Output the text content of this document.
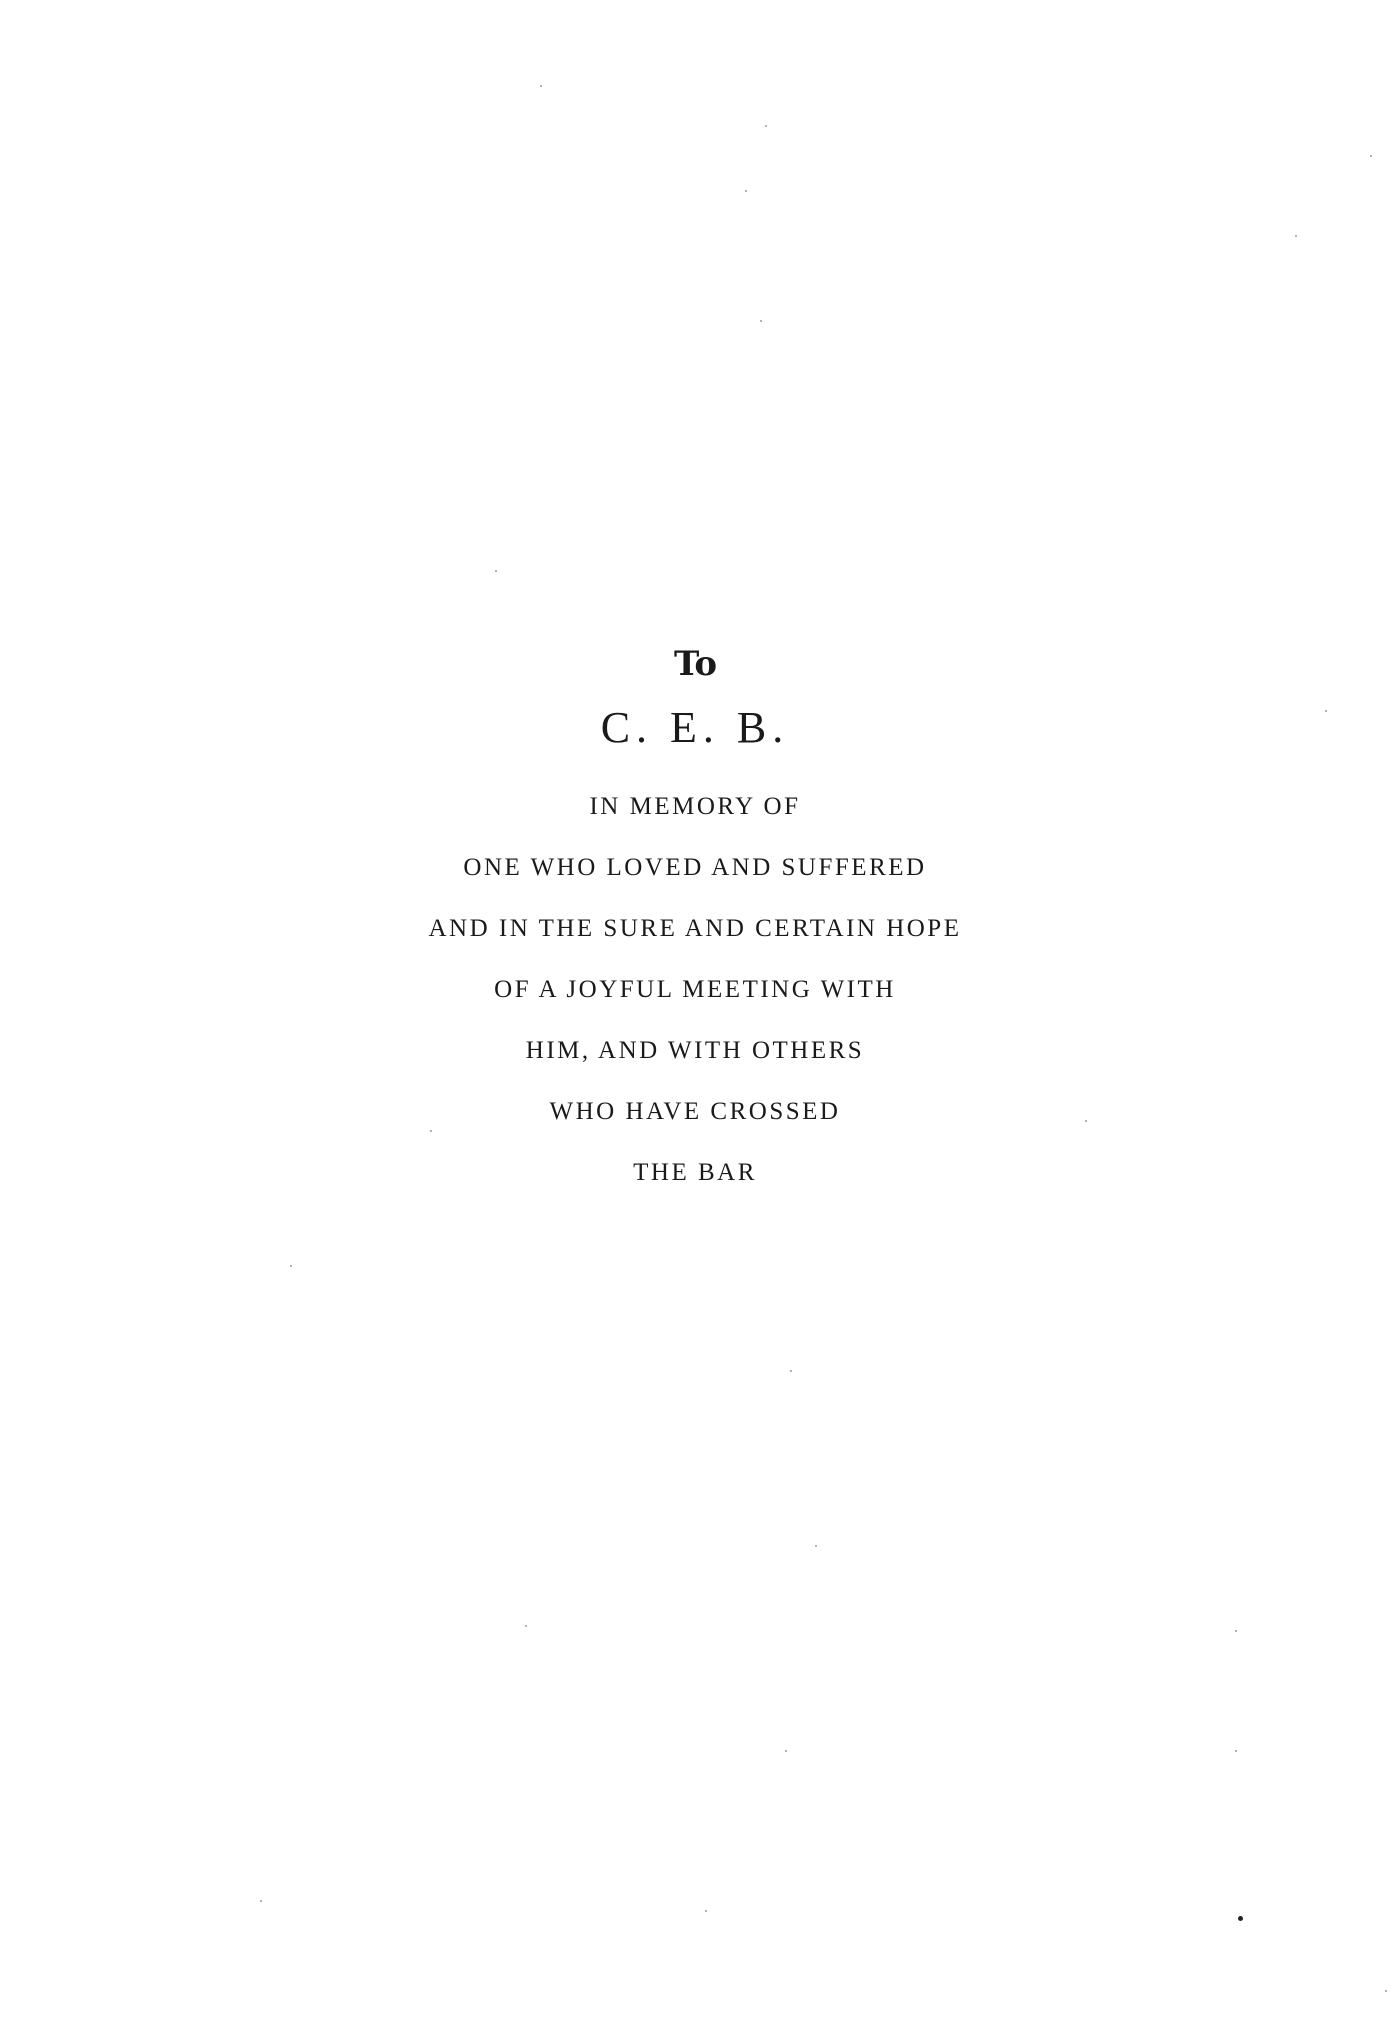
To
C. E. B.
IN MEMORY OF
ONE WHO LOVED AND SUFFERED
AND IN THE SURE AND CERTAIN HOPE
OF A JOYFUL MEETING WITH
HIM, AND WITH OTHERS
WHO HAVE CROSSED
THE BAR
